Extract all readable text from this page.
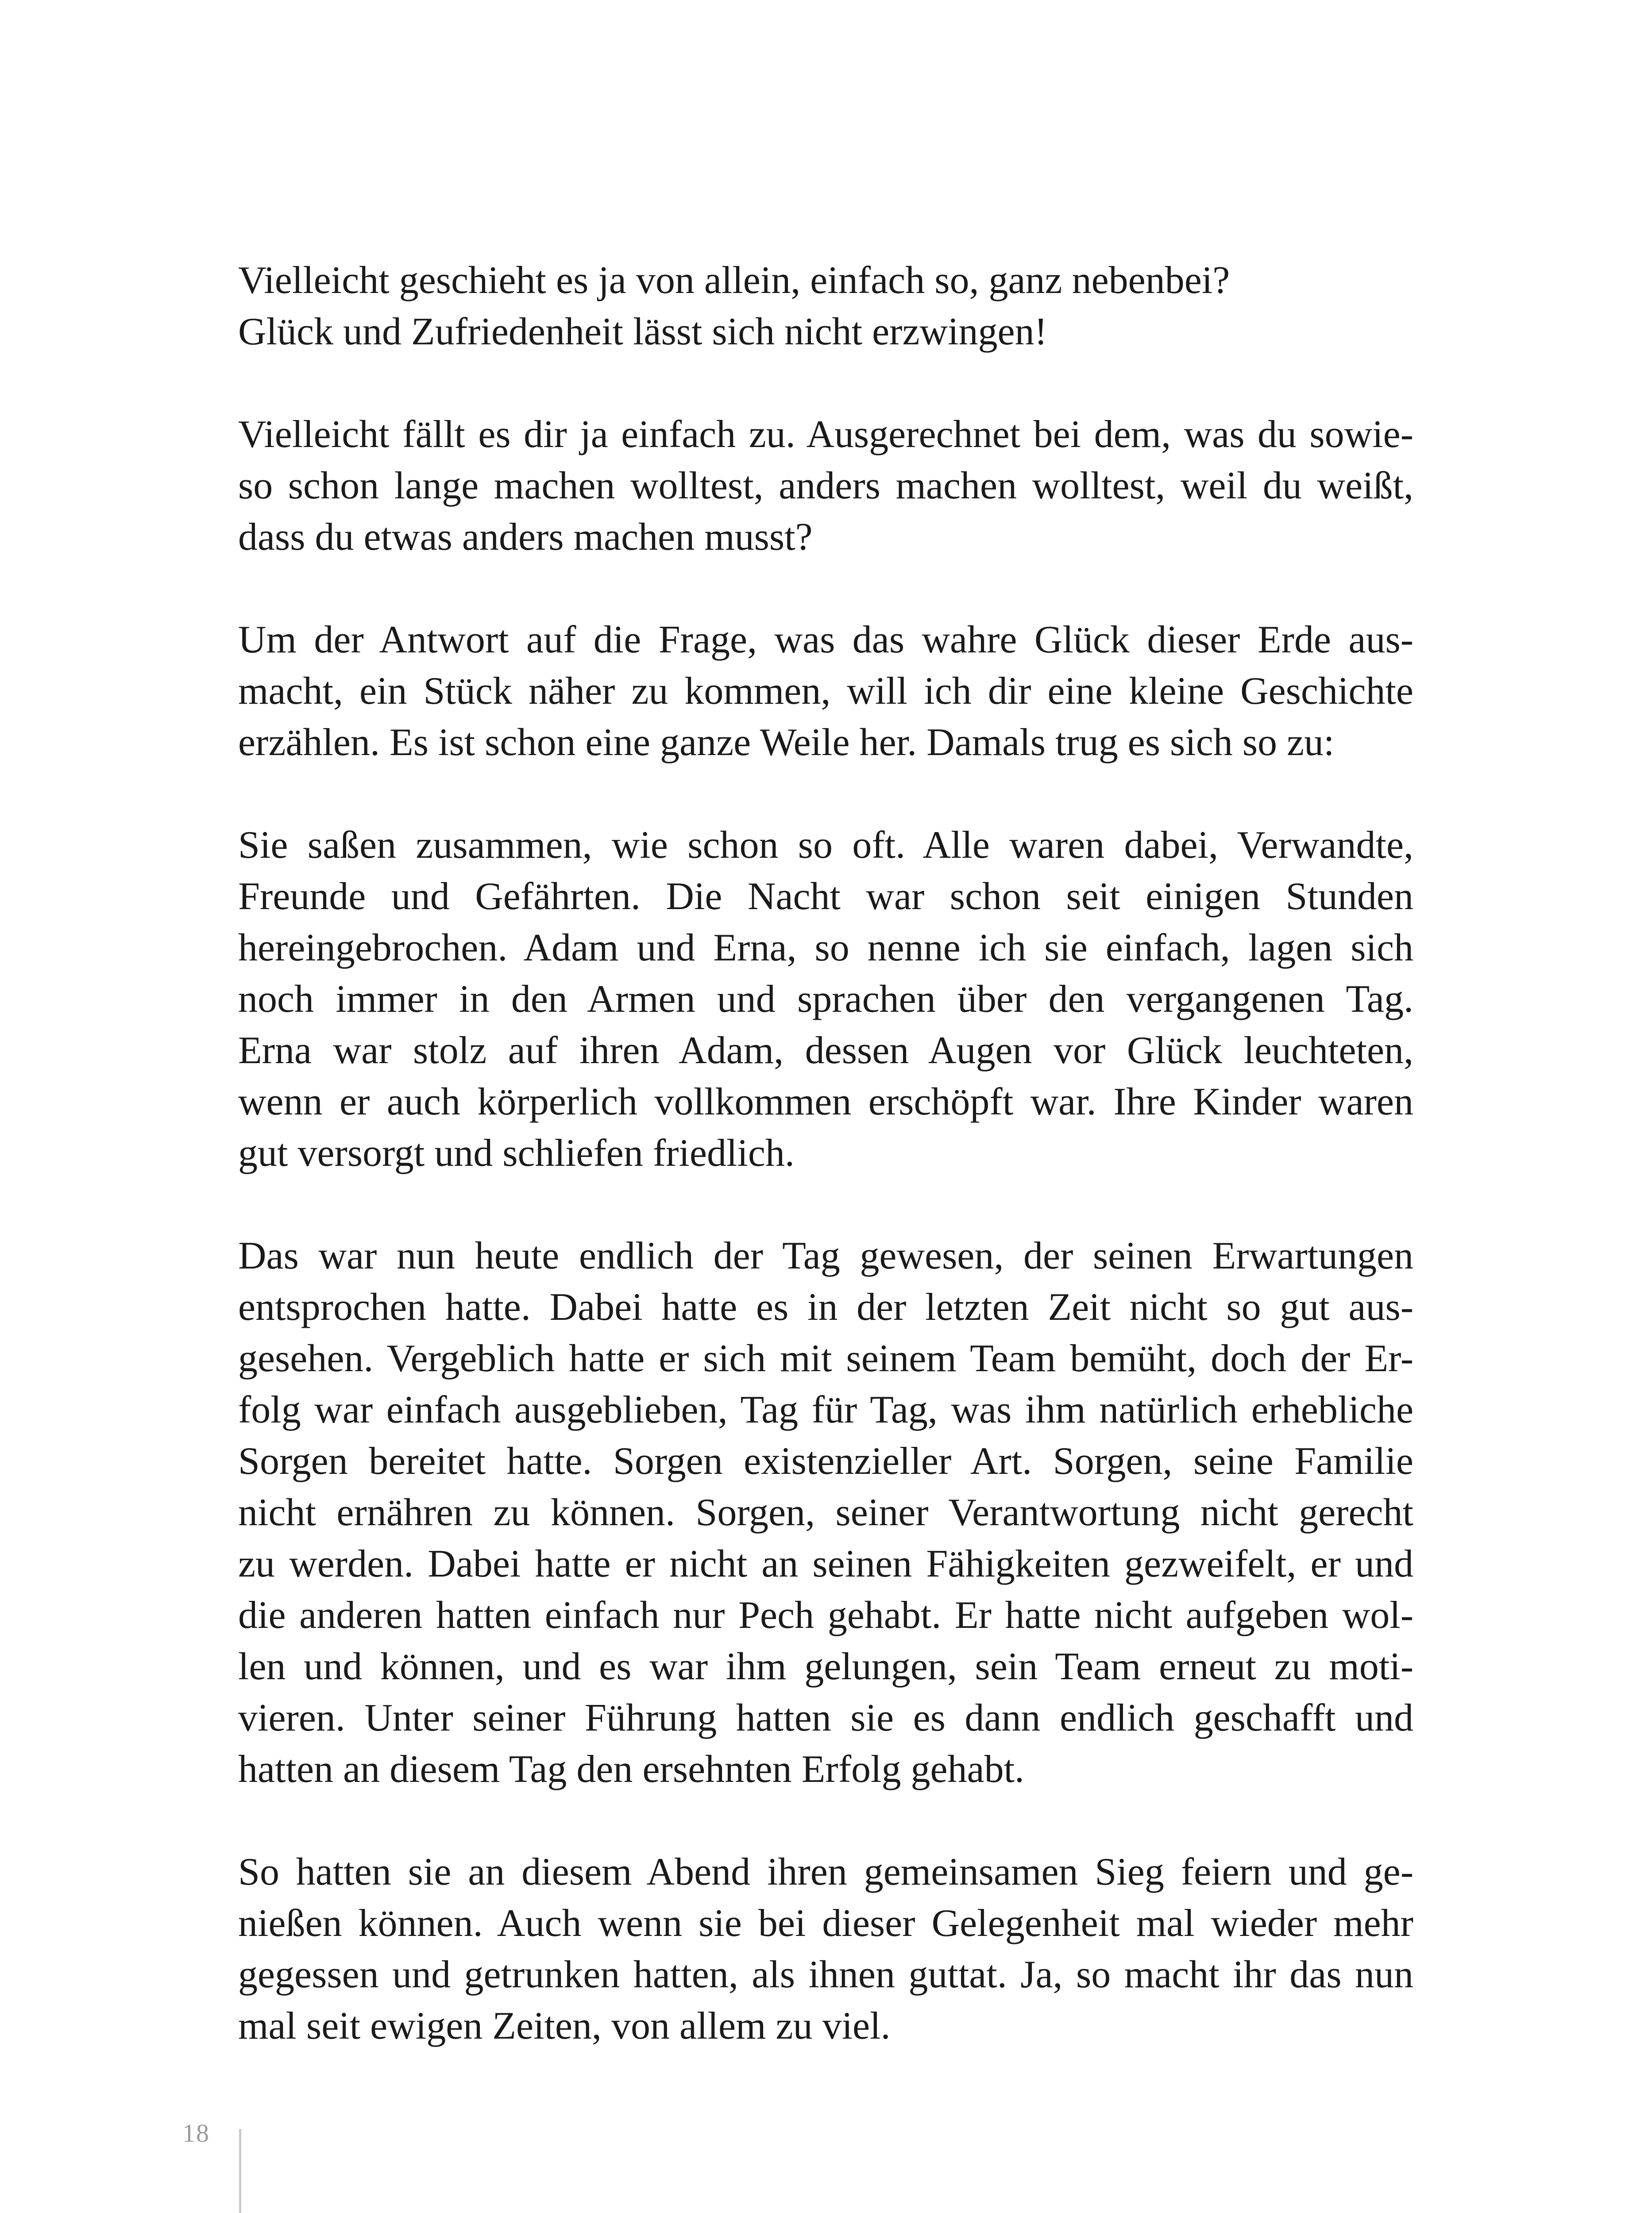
Vielleicht geschieht es ja von allein, einfach so, ganz nebenbei?
Glück und Zufriedenheit lässt sich nicht erzwingen!
Vielleicht fällt es dir ja einfach zu. Ausgerechnet bei dem, was du sowie-
so schon lange machen wolltest, anders machen wolltest, weil du weißt,
dass du etwas anders machen musst?
Um der Antwort auf die Frage, was das wahre Glück dieser Erde aus-
macht, ein Stück näher zu kommen, will ich dir eine kleine Geschichte
erzählen. Es ist schon eine ganze Weile her. Damals trug es sich so zu:
Sie saßen zusammen, wie schon so oft. Alle waren dabei, Verwandte,
Freunde und Gefährten. Die Nacht war schon seit einigen Stunden
hereingebrochen. Adam und Erna, so nenne ich sie einfach, lagen sich
noch immer in den Armen und sprachen über den vergangenen Tag.
Erna war stolz auf ihren Adam, dessen Augen vor Glück leuchteten,
wenn er auch körperlich vollkommen erschöpft war. Ihre Kinder waren
gut versorgt und schliefen friedlich.
Das war nun heute endlich der Tag gewesen, der seinen Erwartungen
entsprochen hatte. Dabei hatte es in der letzten Zeit nicht so gut aus-
gesehen. Vergeblich hatte er sich mit seinem Team bemüht, doch der Er-
folg war einfach ausgeblieben, Tag für Tag, was ihm natürlich erhebliche
Sorgen bereitet hatte. Sorgen existenzieller Art. Sorgen, seine Familie
nicht ernähren zu können. Sorgen, seiner Verantwortung nicht gerecht
zu werden. Dabei hatte er nicht an seinen Fähigkeiten gezweifelt, er und
die anderen hatten einfach nur Pech gehabt. Er hatte nicht aufgeben wol-
len und können, und es war ihm gelungen, sein Team erneut zu moti-
vieren. Unter seiner Führung hatten sie es dann endlich geschafft und
hatten an diesem Tag den ersehnten Erfolg gehabt.
So hatten sie an diesem Abend ihren gemeinsamen Sieg feiern und ge-
nießen können. Auch wenn sie bei dieser Gelegenheit mal wieder mehr
gegessen und getrunken hatten, als ihnen guttat. Ja, so macht ihr das nun
mal seit ewigen Zeiten, von allem zu viel.
18
